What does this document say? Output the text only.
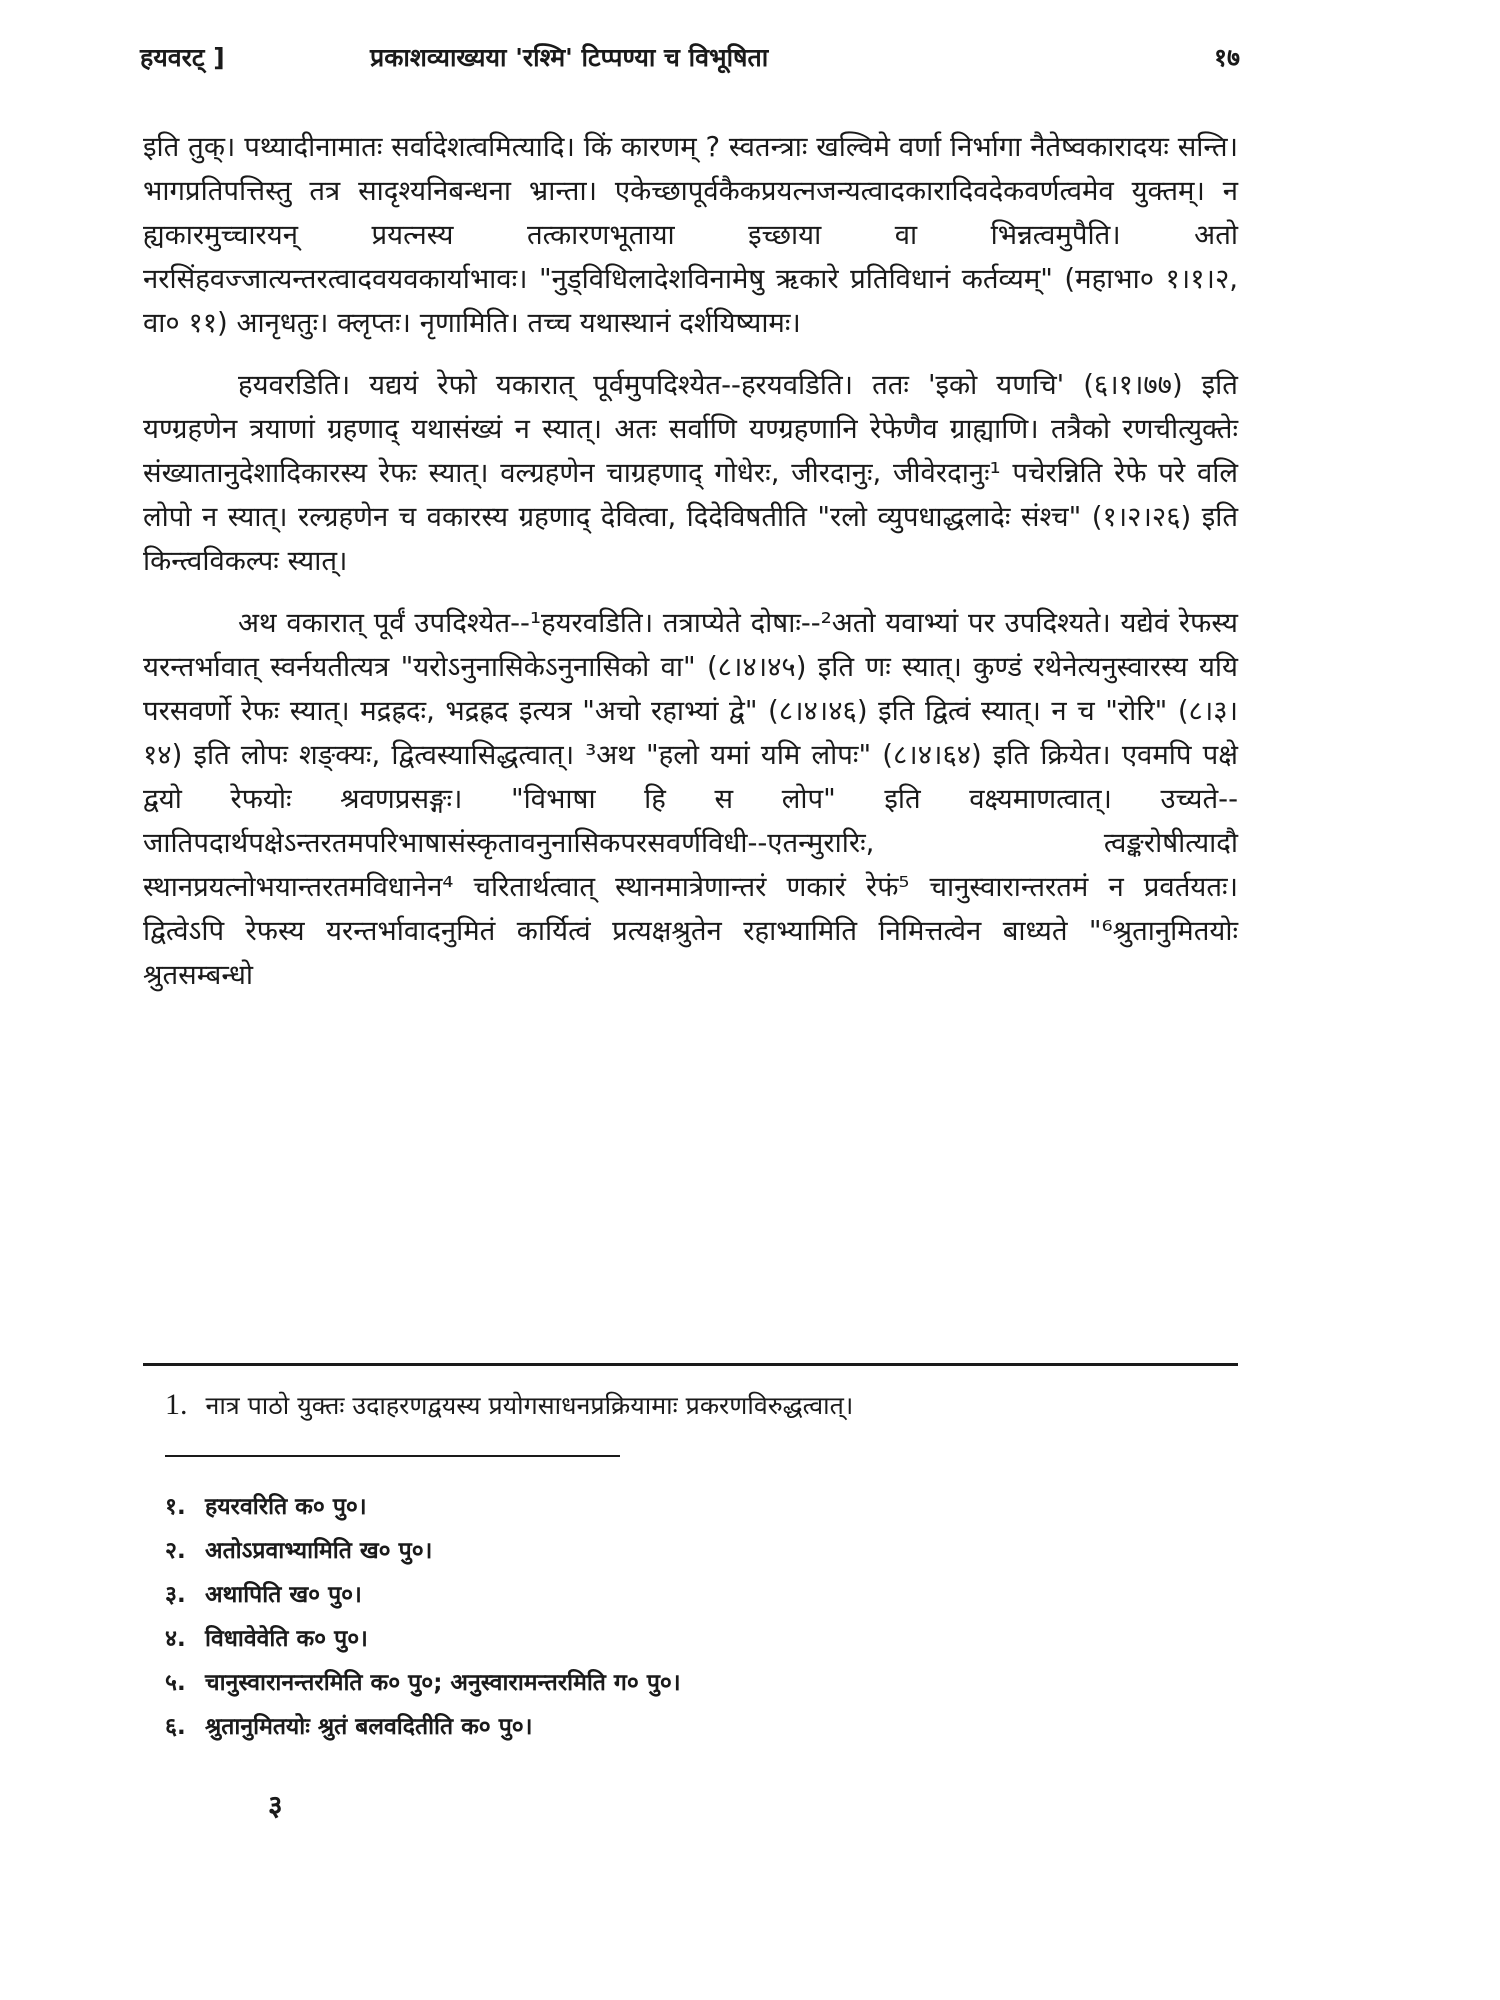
हयवरट् ]	प्रकाशव्याख्यया 'रश्मि' टिप्पण्या च विभूषिता	१७

इति तुक्। पथ्यादीनामातः सर्वादेशत्वमित्यादि। किं कारणम् ? स्वतन्त्राः खल्विमे वर्णा निर्भागा नैतेष्वकारादयः सन्ति। भागप्रतिपत्तिस्तु तत्र सादृश्यनिबन्धना भ्रान्ता। एकेच्छापूर्वकैकप्रयत्नजन्यत्वादकारादिवदेकवर्णत्वमेव युक्तम्। न ह्यकारमुच्चारयन् प्रयत्नस्य तत्कारणभूताया इच्छाया वा भिन्नत्वमुपैति। अतो नरसिंहवज्जात्यन्तरत्वादवयवकार्याभावः। "नुड्विधिलादेशविनामेषु ऋकारे प्रतिविधानं कर्तव्यम्" (महाभा० १।१।२, वा० ११) आनृधतुः। क्लृप्तः। नृणामिति। तच्च यथास्थानं दर्शयिष्यामः।

हयवरडिति। यद्ययं रेफो यकारात् पूर्वमुपदिश्येत--हरयवडिति। ततः 'इको यणचि' (६।१।७७) इति यण्ग्रहणेन त्रयाणां ग्रहणाद् यथासंख्यं न स्यात्। अतः सर्वाणि यण्ग्रहणानि रेफेणैव ग्राह्याणि। तत्रैको रणचीत्युक्तेः संख्यातानुदेशादिकारस्य रेफः स्यात्। वल्ग्रहणेन चाग्रहणाद् गोधेरः, जीरदानुः, जीवेरदानुः¹ पचेरन्निति रेफे परे वलि लोपो न स्यात्। रल्ग्रहणेन च वकारस्य ग्रहणाद् देवित्वा, दिदेविषतीति "रलो व्युपधाद्धलादेः संश्च" (१।२।२६) इति किन्त्वविकल्पः स्यात्।

अथ वकारात् पूर्वं उपदिश्येत--¹हयरवडिति। तत्राप्येते दोषाः--²अतो यवाभ्यां पर उपदिश्यते। यद्येवं रेफस्य यरन्तर्भावात् स्वर्नयतीत्यत्र "यरोऽनुनासिकेऽनुनासिको वा" (८।४।४५) इति णः स्यात्। कुण्डं रथेनेत्यनुस्वारस्य ययि परसवर्णो रेफः स्यात्। मद्रह्रदः, भद्रह्रद इत्यत्र "अचो रहाभ्यां द्वे" (८।४।४६) इति द्वित्वं स्यात्। न च "रोरि" (८।३।१४) इति लोपः शङ्क्यः, द्वित्वस्यासिद्धत्वात्। ³अथ "हलो यमां यमि लोपः" (८।४।६४) इति क्रियेत। एवमपि पक्षे द्वयो रेफयोः श्रवणप्रसङ्गः। "विभाषा हि स लोप" इति वक्ष्यमाणत्वात्। उच्यते--जातिपदार्थपक्षेऽन्तरतमपरिभाषासंस्कृतावनुनासिकपरसवर्णविधी--एतन्मुरारिः, त्वङ्करोषीत्यादौ स्थानप्रयत्नोभयान्तरतमविधानेन⁴ चरितार्थत्वात् स्थानमात्रेणान्तरं णकारं रेफं⁵ चानुस्वारान्तरतमं न प्रवर्तयतः। द्वित्वेऽपि रेफस्य यरन्तर्भावादनुमितं कार्यित्वं प्रत्यक्षश्रुतेन रहाभ्यामिति निमित्तत्वेन बाध्यते "⁶श्रुतानुमितयोः श्रुतसम्बन्धो

1. नात्र पाठो युक्तः उदाहरणद्वयस्य प्रयोगसाधनप्रक्रियामाः प्रकरणविरुद्धत्वात्।
१. हयरवरिति क० पु०।
२. अतोऽप्रवाभ्यामिति ख० पु०।
३. अथापिति ख० पु०।
४. विधावेवेति क० पु०।
५. चानुस्वारानन्तरमिति क० पु०; अनुस्वारामन्तरमिति ग० पु०।
६. श्रुतानुमितयोः श्रुतं बलवदितीति क० पु०।
३
